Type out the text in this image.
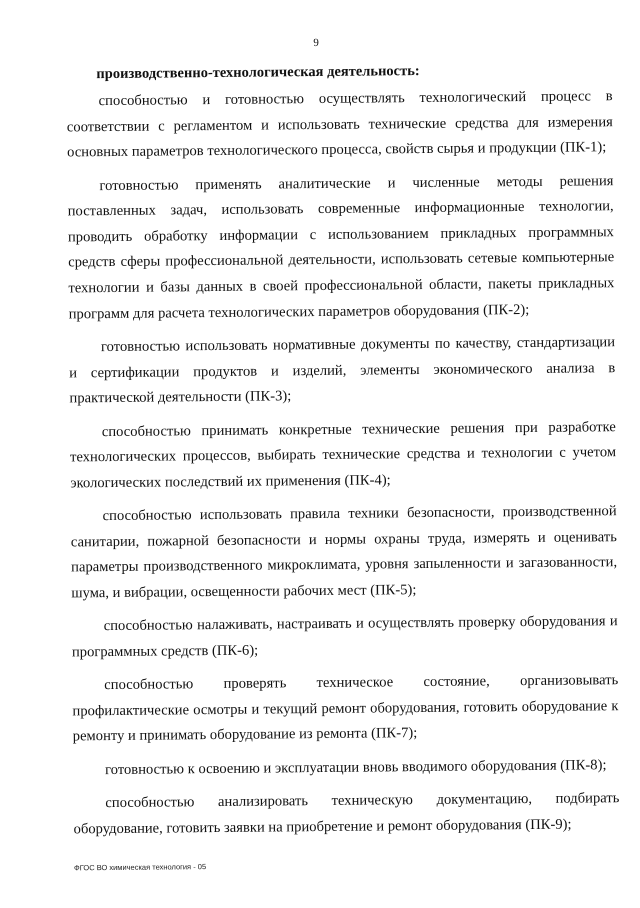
9
производственно-технологическая деятельность:

способностью и готовностью осуществлять технологический процесс в соответствии с регламентом и использовать технические средства для измерения основных параметров технологического процесса, свойств сырья и продукции (ПК-1);

готовностью применять аналитические и численные методы решения поставленных задач, использовать современные информационные технологии, проводить обработку информации с использованием прикладных программных средств сферы профессиональной деятельности, использовать сетевые компьютерные технологии и базы данных в своей профессиональной области, пакеты прикладных программ для расчета технологических параметров оборудования (ПК-2);

готовностью использовать нормативные документы по качеству, стандартизации и сертификации продуктов и изделий, элементы экономического анализа в практической деятельности (ПК-3);

способностью принимать конкретные технические решения при разработке технологических процессов, выбирать технические средства и технологии с учетом экологических последствий их применения (ПК-4);

способностью использовать правила техники безопасности, производственной санитарии, пожарной безопасности и нормы охраны труда, измерять и оценивать параметры производственного микроклимата, уровня запыленности и загазованности, шума, и вибрации, освещенности рабочих мест (ПК-5);

способностью налаживать, настраивать и осуществлять проверку оборудования и программных средств (ПК-6);

способностью проверять техническое состояние, организовывать профилактические осмотры и текущий ремонт оборудования, готовить оборудование к ремонту и принимать оборудование из ремонта (ПК-7);

готовностью к освоению и эксплуатации вновь вводимого оборудования (ПК-8);

способностью анализировать техническую документацию, подбирать оборудование, готовить заявки на приобретение и ремонт оборудования (ПК-9);

ФГОС ВО химическая технология - 05
